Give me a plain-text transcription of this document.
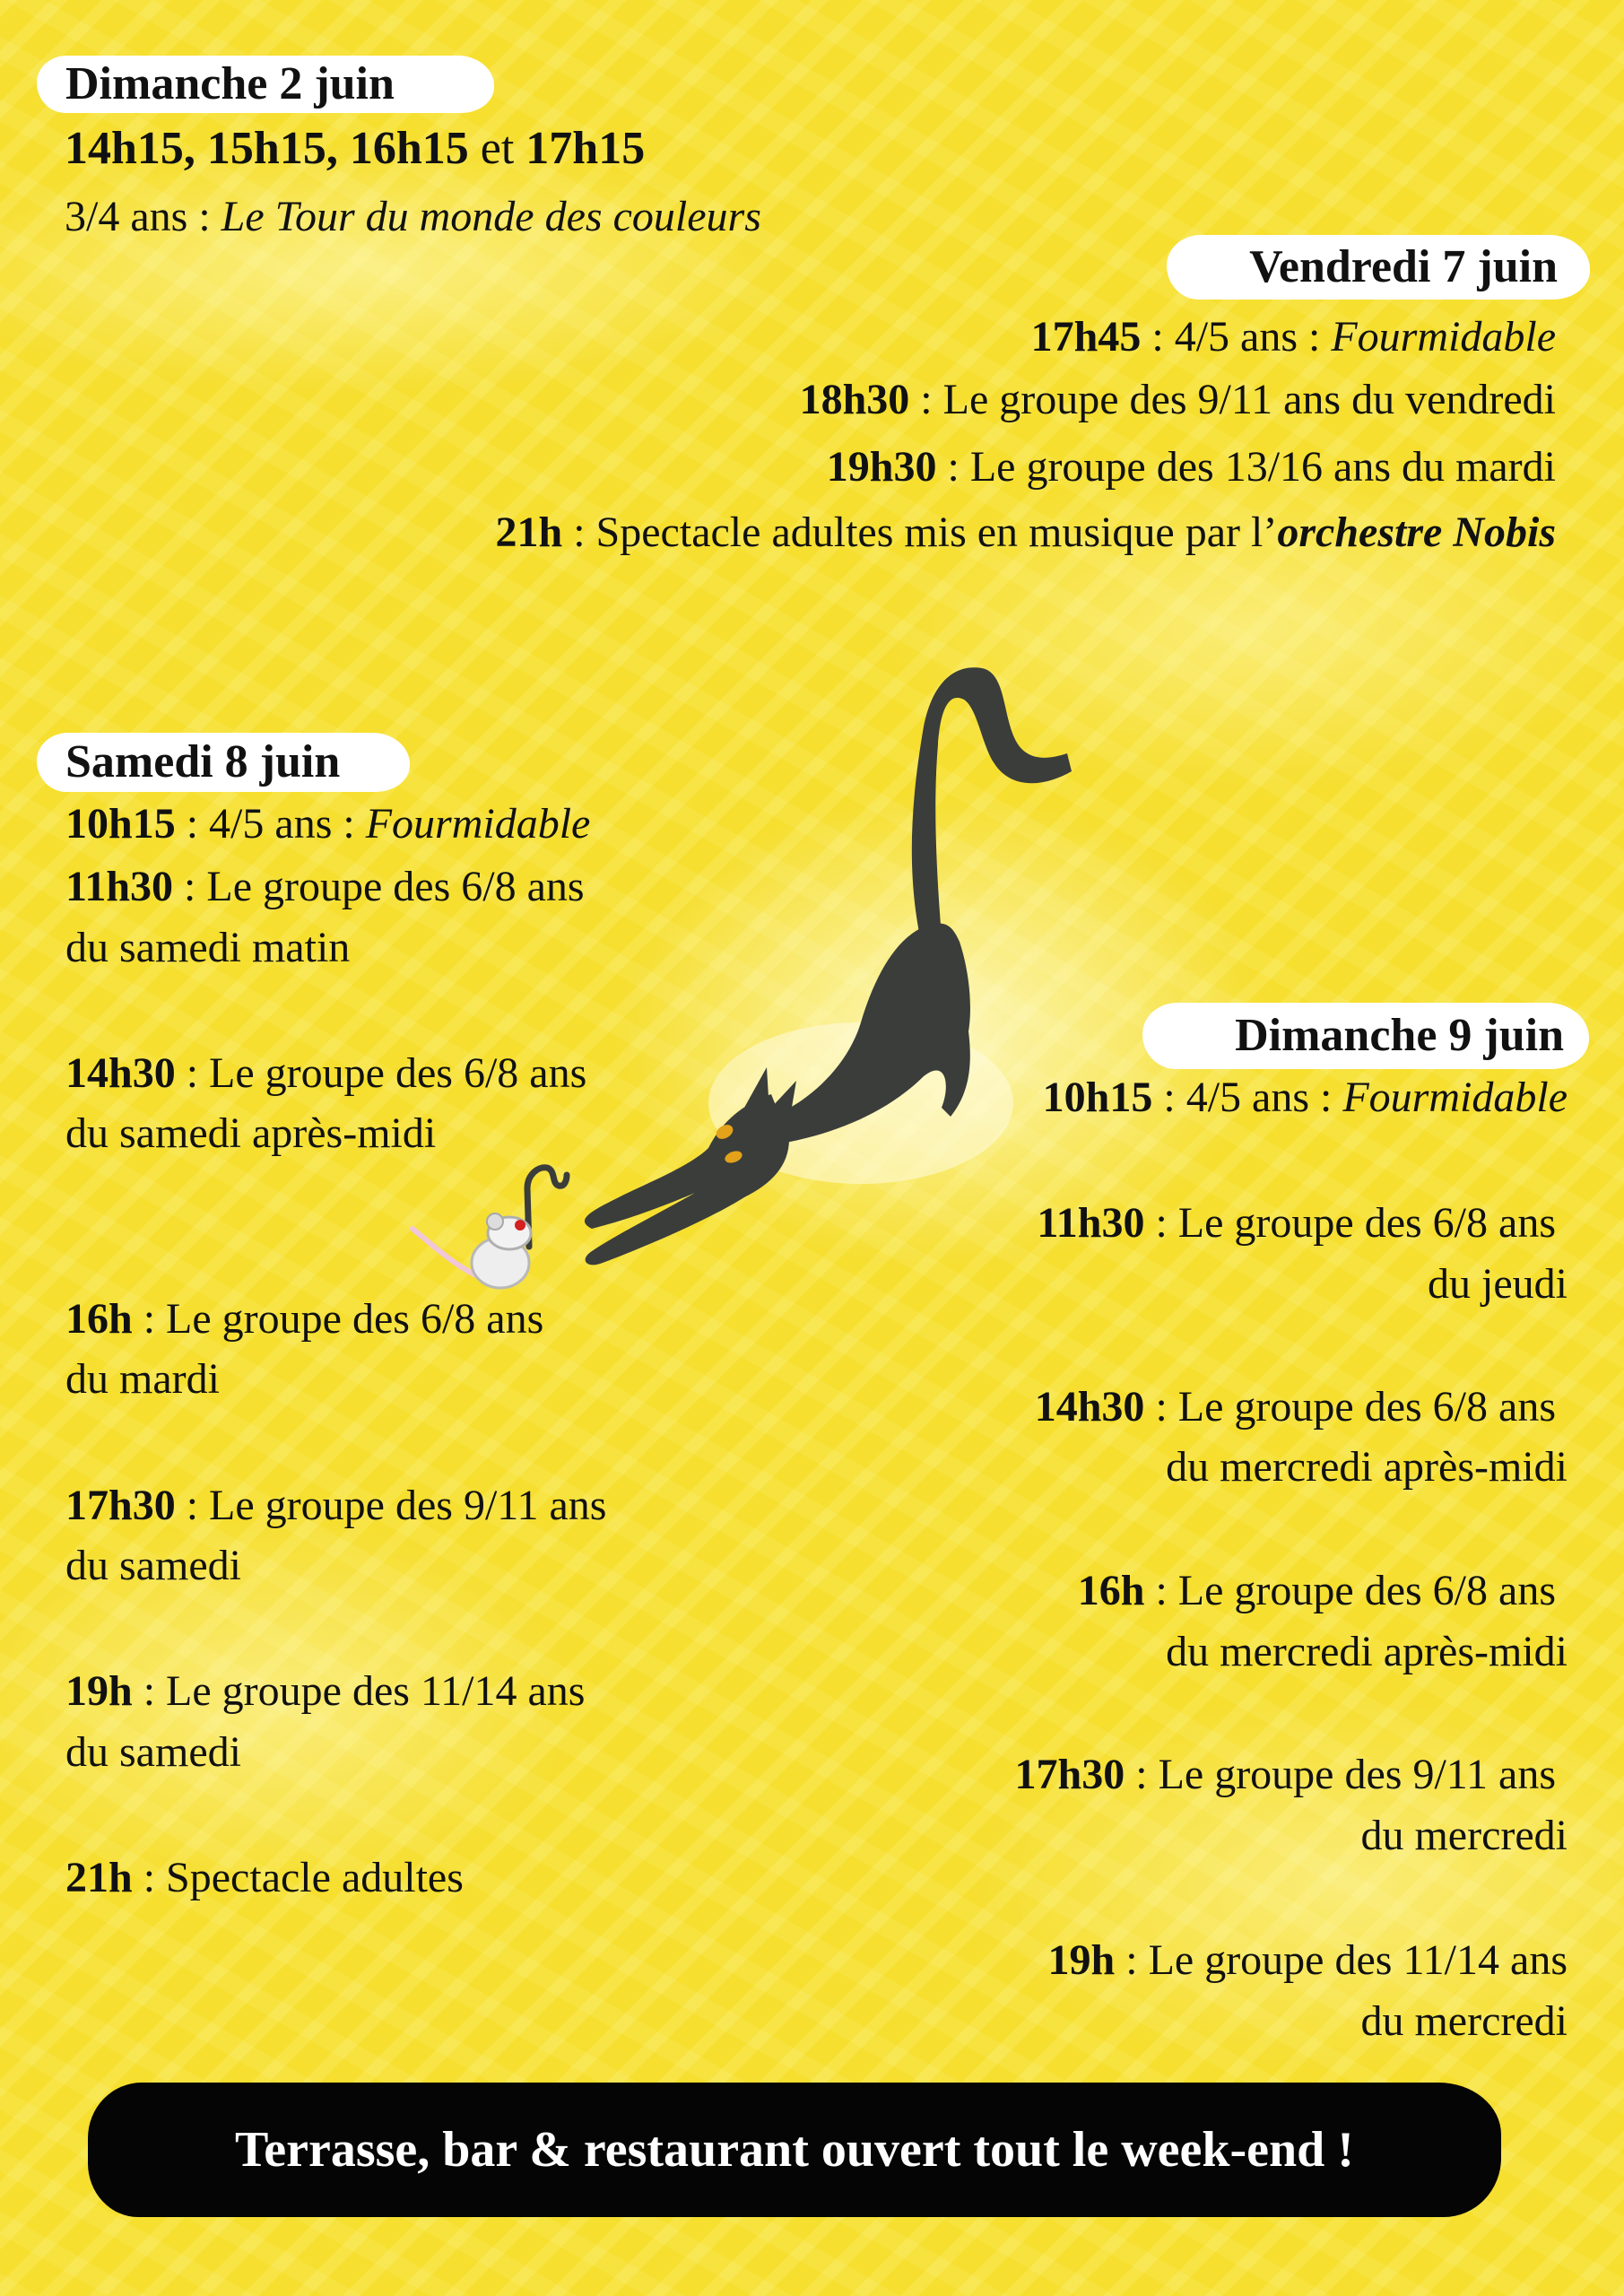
Dimanche 2 juin
14h15, 15h15, 16h15 et 17h15
3/4 ans : Le Tour du monde des couleurs
Vendredi 7 juin
17h45 : 4/5 ans : Fourmidable
18h30 : Le groupe des 9/11 ans du vendredi
19h30 : Le groupe des 13/16 ans du mardi
21h : Spectacle adultes mis en musique par l’orchestre Nobis
Samedi 8 juin
10h15 : 4/5 ans : Fourmidable
11h30 : Le groupe des 6/8 ans
du samedi matin
14h30 : Le groupe des 6/8 ans
du samedi après-midi
16h : Le groupe des 6/8 ans
du mardi
17h30 : Le groupe des 9/11 ans
du samedi
19h : Le groupe des 11/14 ans
du samedi
21h : Spectacle adultes
Dimanche 9 juin
10h15 : 4/5 ans : Fourmidable
11h30 : Le groupe des 6/8 ans
du jeudi
14h30 : Le groupe des 6/8 ans
du mercredi après-midi
16h : Le groupe des 6/8 ans
du mercredi après-midi
17h30 : Le groupe des 9/11 ans
du mercredi
19h : Le groupe des 11/14 ans
du mercredi
Terrasse, bar & restaurant ouvert tout le week-end !
